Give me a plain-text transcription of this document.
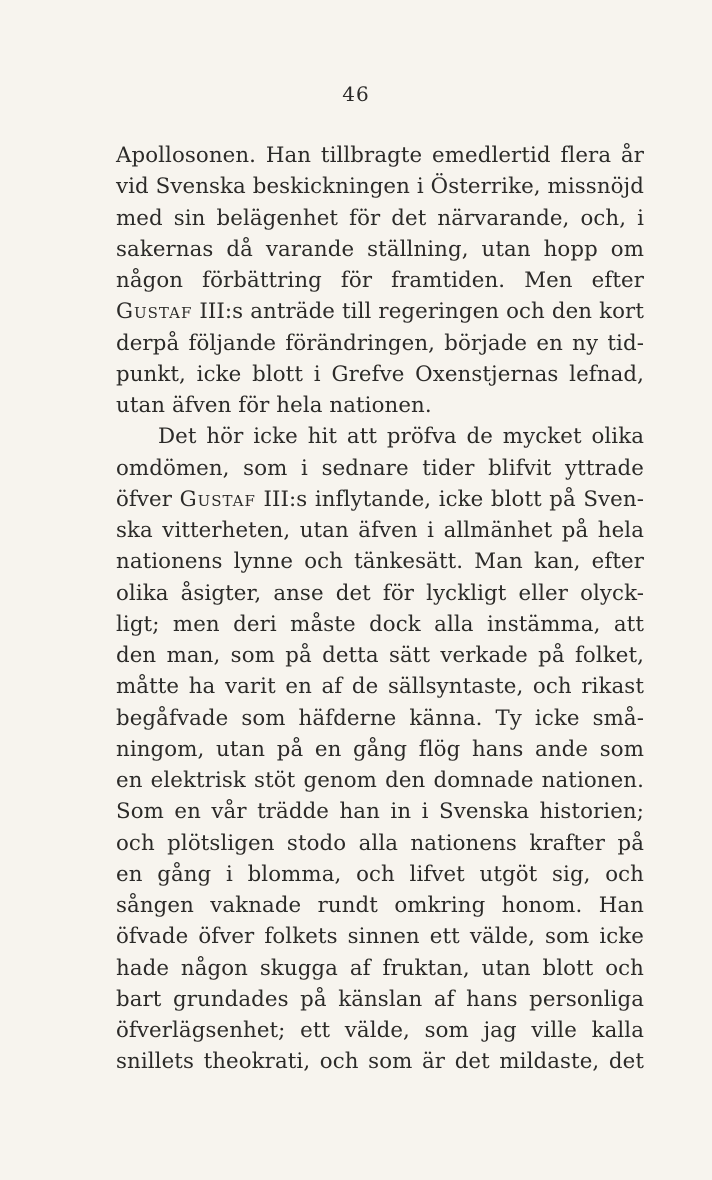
46
Apollosonen. Han tillbragte emedlertid flera år
vid Svenska beskickningen i Österrike, missnöjd
med sin belägenhet för det närvarande, och, i
sakernas då varande ställning, utan hopp om
någon förbättring för framtiden. Men efter
Gustaf III:s anträde till regeringen och den kort
derpå följande förändringen, började en ny tid-
punkt, icke blott i Grefve Oxenstjernas lefnad,
utan äfven för hela nationen.
Det hör icke hit att pröfva de mycket olika
omdömen, som i sednare tider blifvit yttrade
öfver Gustaf III:s inflytande, icke blott på Sven-
ska vitterheten, utan äfven i allmänhet på hela
nationens lynne och tänkesätt. Man kan, efter
olika åsigter, anse det för lyckligt eller olyck-
ligt; men deri måste dock alla instämma, att
den man, som på detta sätt verkade på folket,
måtte ha varit en af de sällsyntaste, och rikast
begåfvade som häfderne känna. Ty icke små-
ningom, utan på en gång flög hans ande som
en elektrisk stöt genom den domnade nationen.
Som en vår trädde han in i Svenska historien;
och plötsligen stodo alla nationens krafter på
en gång i blomma, och lifvet utgöt sig, och
sången vaknade rundt omkring honom. Han
öfvade öfver folkets sinnen ett välde, som icke
hade någon skugga af fruktan, utan blott och
bart grundades på känslan af hans personliga
öfverlägsenhet; ett välde, som jag ville kalla
snillets theokrati, och som är det mildaste, det
